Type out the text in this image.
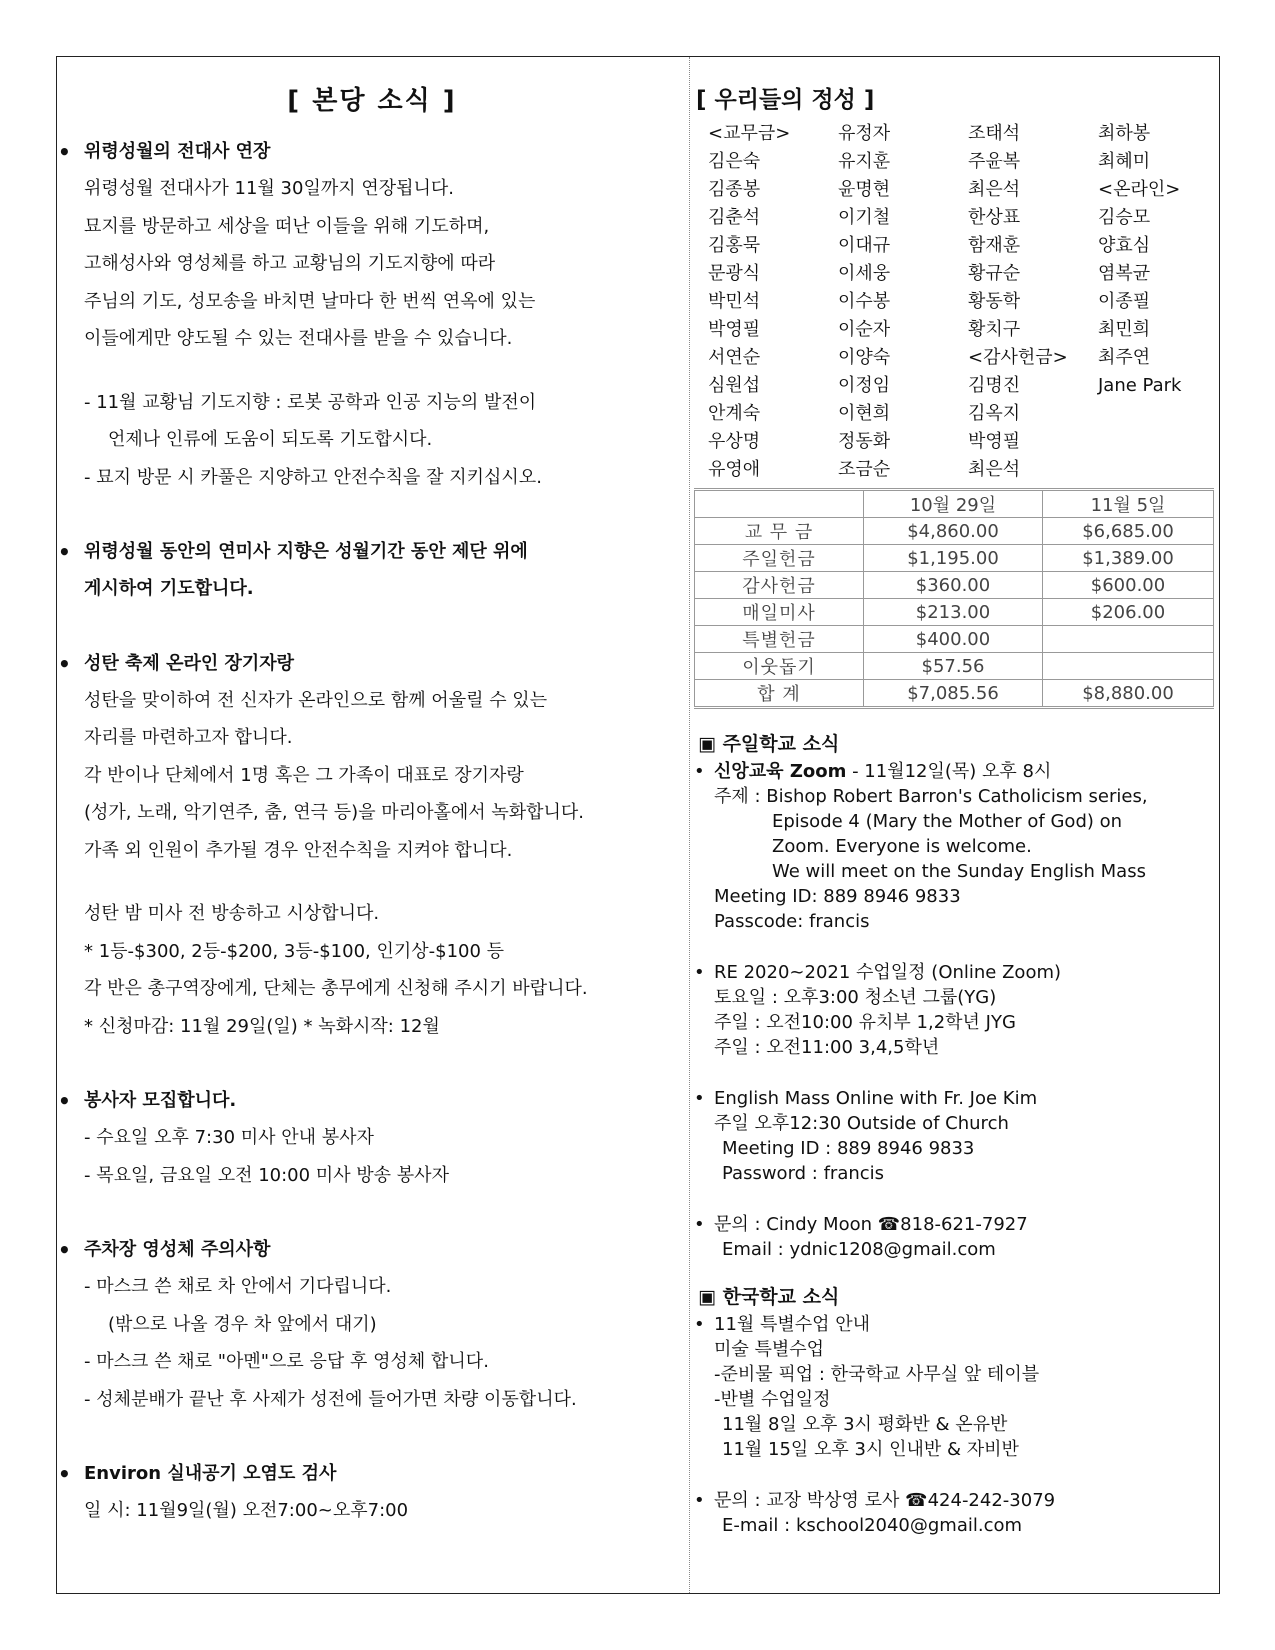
[ 본당 소식 ]
• 위령성월의 전대사 연장
위령성월 전대사가 11월 30일까지 연장됩니다.
묘지를 방문하고 세상을 떠난 이들을 위해 기도하며,
고해성사와 영성체를 하고 교황님의 기도지향에 따라
주님의 기도, 성모송을 바치면 날마다 한 번씩 연옥에 있는
이들에게만 양도될 수 있는 전대사를 받을 수 있습니다.
- 11월 교황님 기도지향 : 로봇 공학과 인공 지능의 발전이
언제나 인류에 도움이 되도록 기도합시다.
- 묘지 방문 시 카풀은 지양하고 안전수칙을 잘 지키십시오.
• 위령성월 동안의 연미사 지향은 성월기간 동안 제단 위에
게시하여 기도합니다.
• 성탄 축제 온라인 장기자랑
성탄을 맞이하여 전 신자가 온라인으로 함께 어울릴 수 있는
자리를 마련하고자 합니다.
각 반이나 단체에서 1명 혹은 그 가족이 대표로 장기자랑
(성가, 노래, 악기연주, 춤, 연극 등)을 마리아홀에서 녹화합니다.
가족 외 인원이 추가될 경우 안전수칙을 지켜야 합니다.
성탄 밤 미사 전 방송하고 시상합니다.
* 1등-$300, 2등-$200, 3등-$100, 인기상-$100 등
각 반은 총구역장에게, 단체는 총무에게 신청해 주시기 바랍니다.
* 신청마감: 11월 29일(일) * 녹화시작: 12월
• 봉사자 모집합니다.
- 수요일 오후 7:30 미사 안내 봉사자
- 목요일, 금요일 오전 10:00 미사 방송 봉사자
• 주차장 영성체 주의사항
- 마스크 쓴 채로 차 안에서 기다립니다.
(밖으로 나올 경우 차 앞에서 대기)
- 마스크 쓴 채로 "아멘"으로 응답 후 영성체 합니다.
- 성체분배가 끝난 후 사제가 성전에 들어가면 차량 이동합니다.
• Environ 실내공기 오염도 검사
일 시: 11월9일(월) 오전7:00~오후7:00
[ 우리들의 정성 ]
<교무금>	유정자	조태석	최하봉
김은숙	유지훈	주윤복	최혜미
김종봉	윤명현	최은석	<온라인>
김춘석	이기철	한상표	김승모
김홍묵	이대규	함재훈	양효심
문광식	이세웅	황규순	염복균
박민석	이수봉	황동학	이종필
박영필	이순자	황치구	최민희
서연순	이양숙	<감사헌금>	최주연
심원섭	이정임	김명진	Jane Park
안계숙	이현희	김옥지
우상명	정동화	박영필
유영애	조금순	최은석
	10월 29일	11월 5일
교 무 금	$4,860.00	$6,685.00
주일헌금	$1,195.00	$1,389.00
감사헌금	$360.00	$600.00
매일미사	$213.00	$206.00
특별헌금	$400.00	
이웃돕기	$57.56	
합 계	$7,085.56	$8,880.00
▣ 주일학교 소식
• 신앙교육 Zoom - 11월12일(목) 오후 8시
주제 : Bishop Robert Barron's Catholicism series,
Episode 4 (Mary the Mother of God) on
Zoom. Everyone is welcome.
We will meet on the Sunday English Mass
Meeting ID: 889 8946 9833
Passcode: francis
• RE 2020~2021 수업일정 (Online Zoom)
토요일 : 오후3:00 청소년 그룹(YG)
주일 : 오전10:00 유치부 1,2학년 JYG
주일 : 오전11:00 3,4,5학년
• English Mass Online with Fr. Joe Kim
주일 오후12:30 Outside of Church
Meeting ID : 889 8946 9833
Password : francis
• 문의 : Cindy Moon ☎818-621-7927
Email : ydnic1208@gmail.com
▣ 한국학교 소식
• 11월 특별수업 안내
미술 특별수업
-준비물 픽업 : 한국학교 사무실 앞 테이블
-반별 수업일정
11월 8일 오후 3시 평화반 & 온유반
11월 15일 오후 3시 인내반 & 자비반
• 문의 : 교장 박상영 로사 ☎424-242-3079
E-mail : kschool2040@gmail.com
